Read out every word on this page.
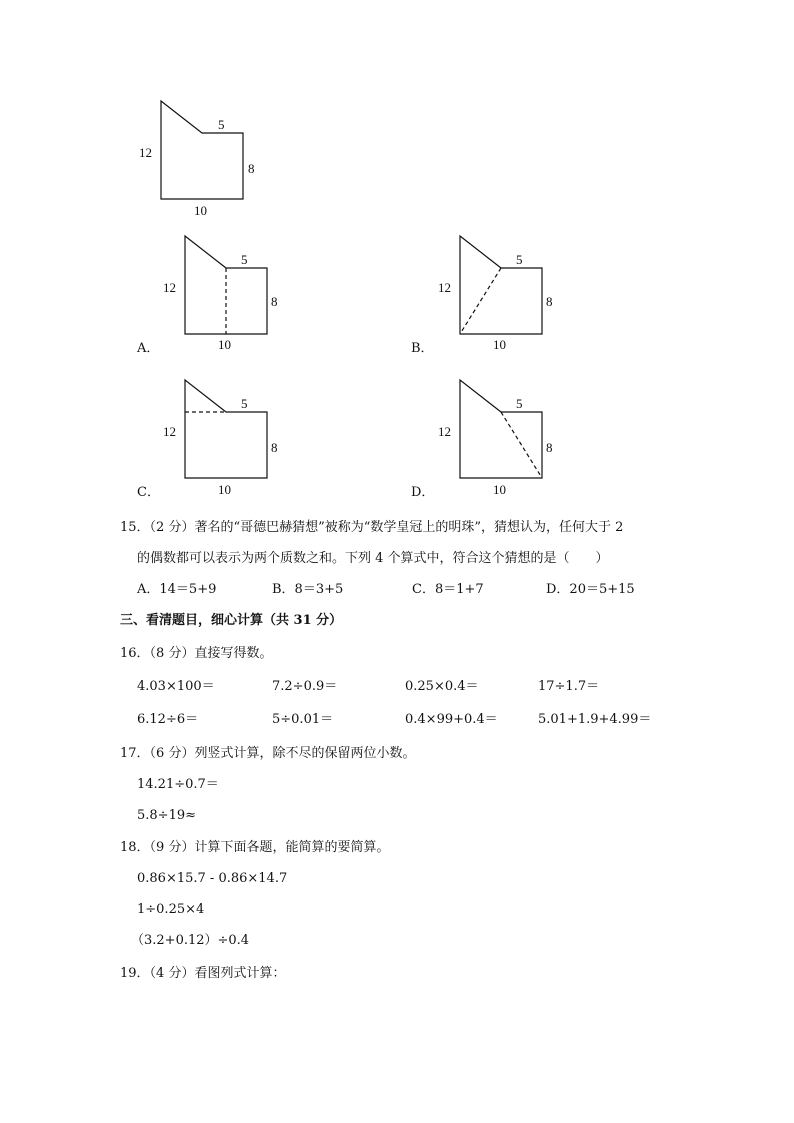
12
5
8
10
12
5
8
10
A．
12
5
8
10
B．
12
5
8
10
C．
12
5
8
10
D．
15．（2 分）著名的“哥德巴赫猜想”被称为“数学皇冠上的明珠”，猜想认为，任何大于 2
的偶数都可以表示为两个质数之和。下列 4 个算式中，符合这个猜想的是（　　）
A．14＝5+9	B．8＝3+5	C．8＝1+7	D．20＝5+15
三、看清题目，细心计算（共 31 分）
16．（8 分）直接写得数。
4.03×100＝	7.2÷0.9＝	0.25×0.4＝	17÷1.7＝
6.12÷6＝	5÷0.01＝	0.4×99+0.4＝	5.01+1.9+4.99＝
17．（6 分）列竖式计算，除不尽的保留两位小数。
14.21÷0.7＝
5.8÷19≈
18．（9 分）计算下面各题，能简算的要简算。
0.86×15.7 - 0.86×14.7
1÷0.25×4
（3.2+0.12）÷0.4
19．（4 分）看图列式计算：
